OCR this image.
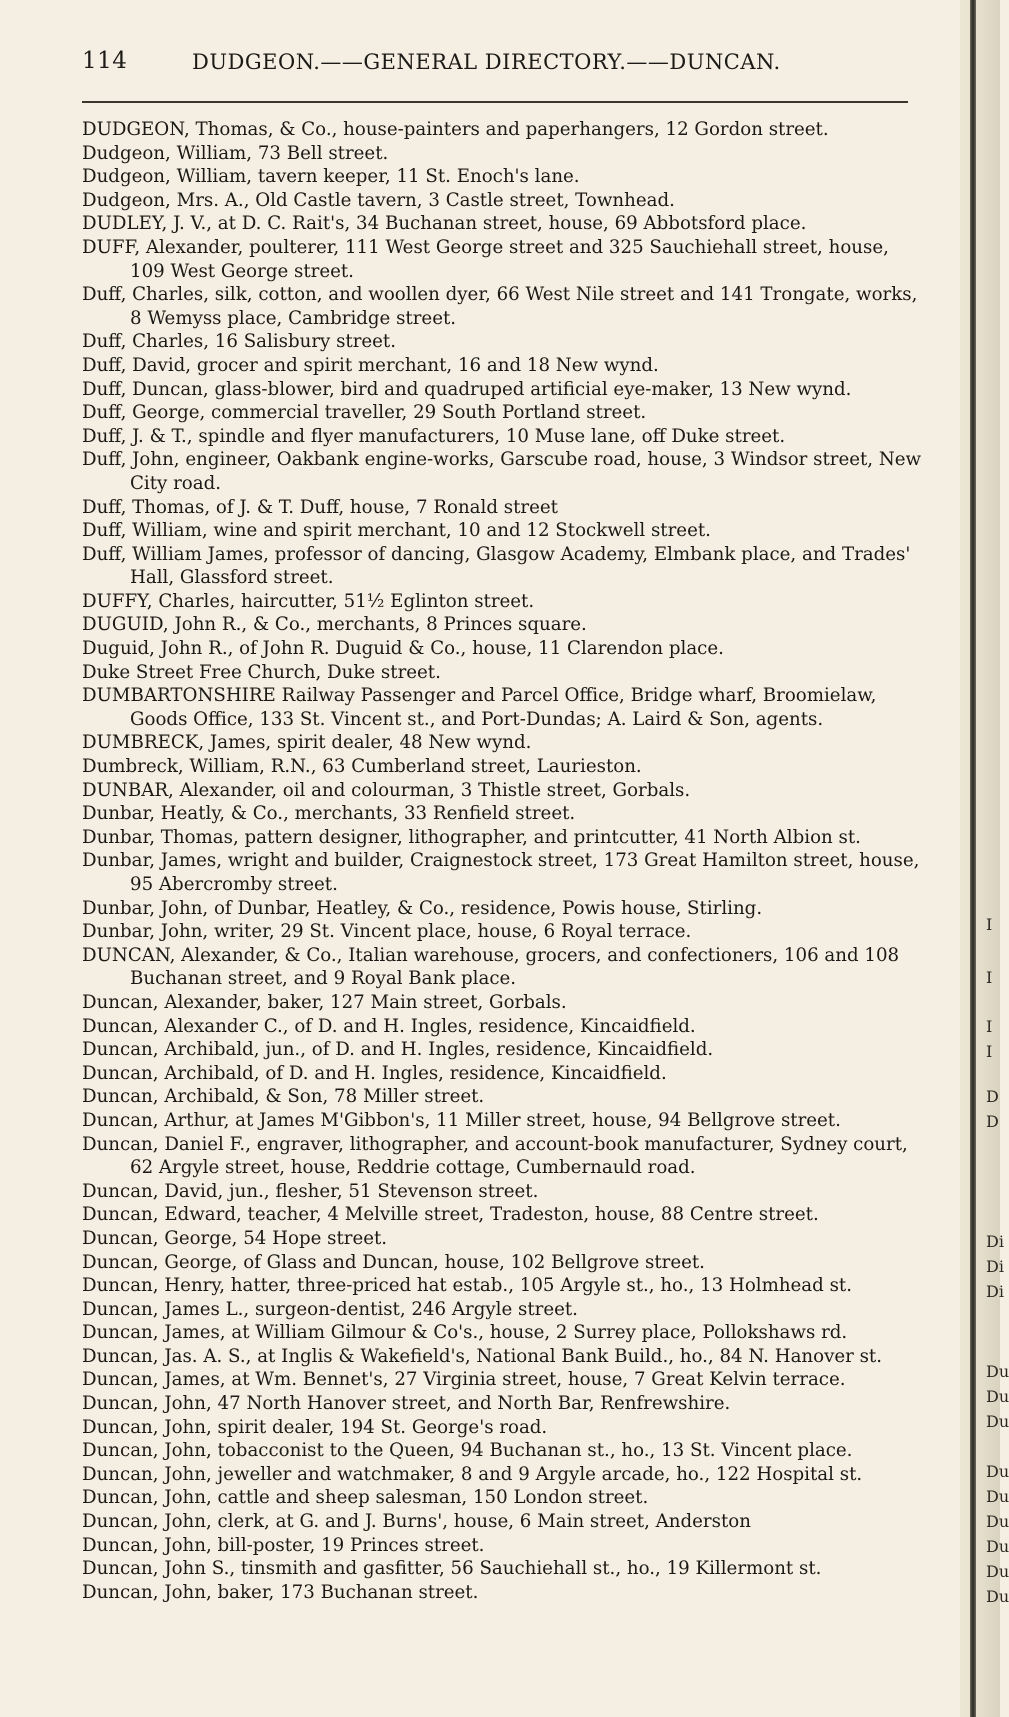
114	DUDGEON.——GENERAL DIRECTORY.——DUNCAN.

DUDGEON, Thomas, & Co., house-painters and paperhangers, 12 Gordon street.

Dudgeon, William, 73 Bell street.

Dudgeon, William, tavern keeper, 11 St. Enoch's lane.

Dudgeon, Mrs. A., Old Castle tavern, 3 Castle street, Townhead.

DUDLEY, J. V., at D. C. Rait's, 34 Buchanan street, house, 69 Abbotsford place.

DUFF, Alexander, poulterer, 111 West George street and 325 Sauchiehall street, house, 109 West George street.

Duff, Charles, silk, cotton, and woollen dyer, 66 West Nile street and 141 Trongate, works, 8 Wemyss place, Cambridge street.

Duff, Charles, 16 Salisbury street.

Duff, David, grocer and spirit merchant, 16 and 18 New wynd.

Duff, Duncan, glass-blower, bird and quadruped artificial eye-maker, 13 New wynd.

Duff, George, commercial traveller, 29 South Portland street.

Duff, J. & T., spindle and flyer manufacturers, 10 Muse lane, off Duke street.

Duff, John, engineer, Oakbank engine-works, Garscube road, house, 3 Windsor street, New City road.

Duff, Thomas, of J. & T. Duff, house, 7 Ronald street

Duff, William, wine and spirit merchant, 10 and 12 Stockwell street.

Duff, William James, professor of dancing, Glasgow Academy, Elmbank place, and Trades' Hall, Glassford street.

DUFFY, Charles, haircutter, 51½ Eglinton street.

DUGUID, John R., & Co., merchants, 8 Princes square.

Duguid, John R., of John R. Duguid & Co., house, 11 Clarendon place.

Duke Street Free Church, Duke street.

DUMBARTONSHIRE Railway Passenger and Parcel Office, Bridge wharf, Broomielaw, Goods Office, 133 St. Vincent st., and Port-Dundas; A. Laird & Son, agents.

DUMBRECK, James, spirit dealer, 48 New wynd.

Dumbreck, William, R.N., 63 Cumberland street, Laurieston.

DUNBAR, Alexander, oil and colourman, 3 Thistle street, Gorbals.

Dunbar, Heatly, & Co., merchants, 33 Renfield street.

Dunbar, Thomas, pattern designer, lithographer, and printcutter, 41 North Albion st.

Dunbar, James, wright and builder, Craignestock street, 173 Great Hamilton street, house, 95 Abercromby street.

Dunbar, John, of Dunbar, Heatley, & Co., residence, Powis house, Stirling.

Dunbar, John, writer, 29 St. Vincent place, house, 6 Royal terrace.

DUNCAN, Alexander, & Co., Italian warehouse, grocers, and confectioners, 106 and 108 Buchanan street, and 9 Royal Bank place.

Duncan, Alexander, baker, 127 Main street, Gorbals.

Duncan, Alexander C., of D. and H. Ingles, residence, Kincaidfield.

Duncan, Archibald, jun., of D. and H. Ingles, residence, Kincaidfield.

Duncan, Archibald, of D. and H. Ingles, residence, Kincaidfield.

Duncan, Archibald, & Son, 78 Miller street.

Duncan, Arthur, at James M'Gibbon's, 11 Miller street, house, 94 Bellgrove street.

Duncan, Daniel F., engraver, lithographer, and account-book manufacturer, Sydney court, 62 Argyle street, house, Reddrie cottage, Cumbernauld road.

Duncan, David, jun., flesher, 51 Stevenson street.

Duncan, Edward, teacher, 4 Melville street, Tradeston, house, 88 Centre street.

Duncan, George, 54 Hope street.

Duncan, George, of Glass and Duncan, house, 102 Bellgrove street.

Duncan, Henry, hatter, three-priced hat estab., 105 Argyle st., ho., 13 Holmhead st.

Duncan, James L., surgeon-dentist, 246 Argyle street.

Duncan, James, at William Gilmour & Co's., house, 2 Surrey place, Pollokshaws rd.

Duncan, Jas. A. S., at Inglis & Wakefield's, National Bank Build., ho., 84 N. Hanover st.

Duncan, James, at Wm. Bennet's, 27 Virginia street, house, 7 Great Kelvin terrace.

Duncan, John, 47 North Hanover street, and North Bar, Renfrewshire.

Duncan, John, spirit dealer, 194 St. George's road.

Duncan, John, tobacconist to the Queen, 94 Buchanan st., ho., 13 St. Vincent place.

Duncan, John, jeweller and watchmaker, 8 and 9 Argyle arcade, ho., 122 Hospital st.

Duncan, John, cattle and sheep salesman, 150 London street.

Duncan, John, clerk, at G. and J. Burns', house, 6 Main street, Anderston

Duncan, John, bill-poster, 19 Princes street.

Duncan, John S., tinsmith and gasfitter, 56 Sauchiehall st., ho., 19 Killermont st.

Duncan, John, baker, 173 Buchanan street.

I
I
I
I
D
D
Di
Di
Di
Du
Du
Du
Du
Du
Du
Du
Du
Du
